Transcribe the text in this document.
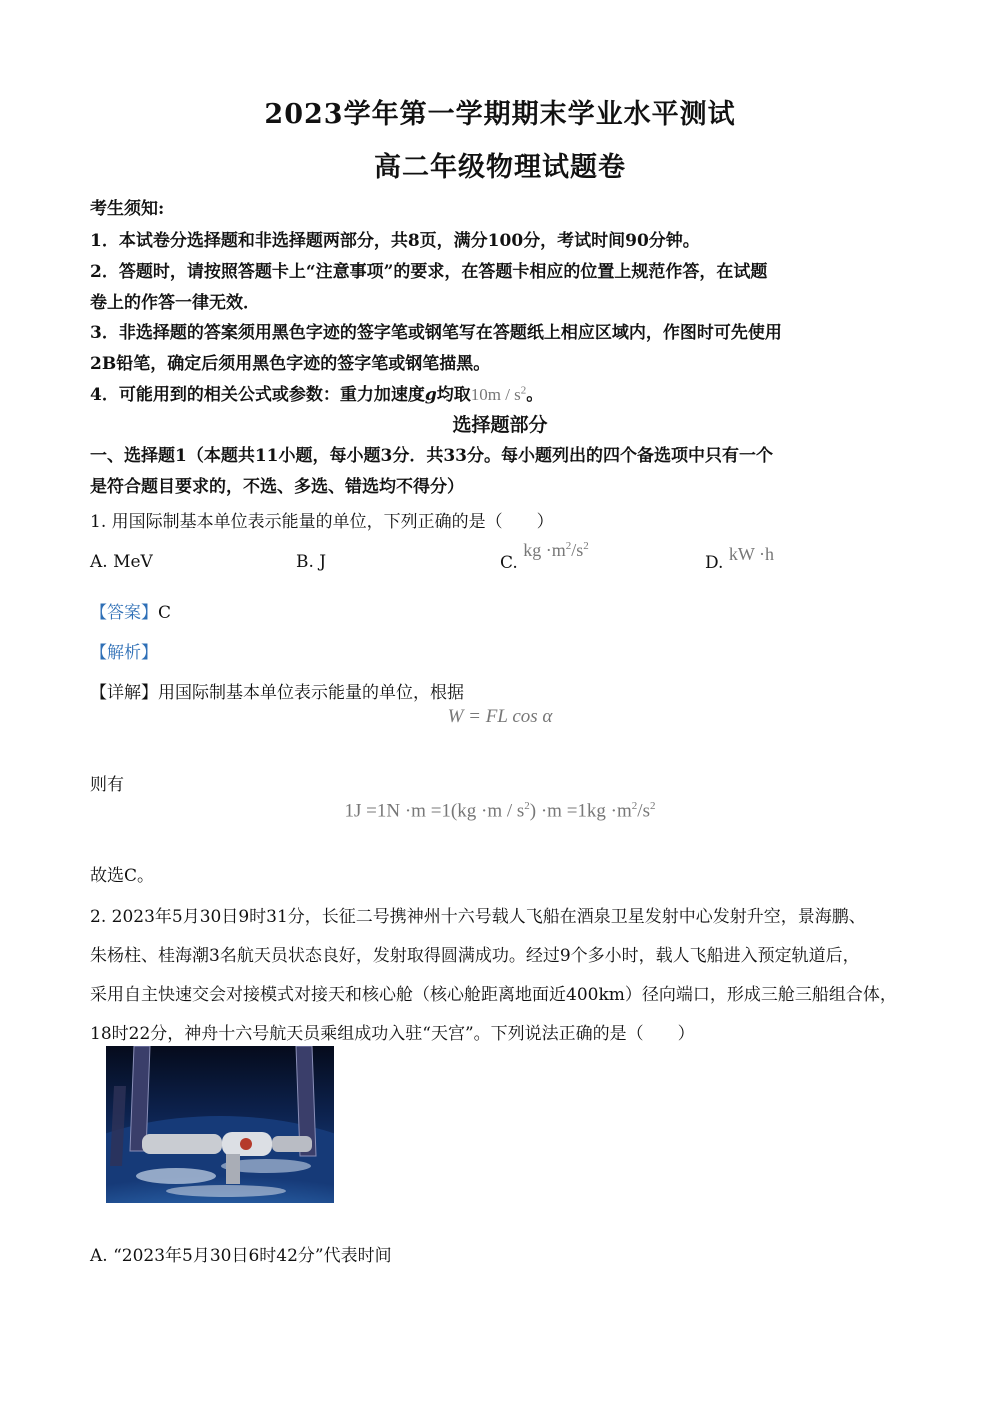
2023学年第一学期期末学业水平测试
高二年级物理试题卷
考生须知:
1．本试卷分选择题和非选择题两部分，共8页，满分100分，考试时间90分钟。
2．答题时，请按照答题卡上“注意事项”的要求，在答题卡相应的位置上规范作答，在试题
卷上的作答一律无效．
3．非选择题的答案须用黑色字迹的签字笔或钢笔写在答题纸上相应区域内，作图时可先使用
2B铅笔，确定后须用黑色字迹的签字笔或钢笔描黑。
4．可能用到的相关公式或参数：重力加速度g均取$10m / s^2$。
选择题部分
一、选择题1（本题共11小题，每小题3分．共33分。每小题列出的四个备选项中只有一个
是符合题目要求的，不选、多选、错选均不得分）
1. 用国际制基本单位表示能量的单位，下列正确的是（　　）
A. MeV	B. J	C. kg $\cdot m^2/s^2$
D. kW ·h
【答案】C
【解析】
【详解】用国际制基本单位表示能量的单位，根据
W = FL cos α
则有
$1J =1N \cdot m =1(kg \cdot m / s^2) \cdot m =1kg \cdot m^2/s^2$
故选C。
2. 2023年5月30日9时31分，长征二号携神州十六号载人飞船在酒泉卫星发射中心发射升空，景海鹏、
朱杨柱、桂海潮3名航天员状态良好，发射取得圆满成功。经过9个多小时，载人飞船进入预定轨道后，
采用自主快速交会对接模式对接天和核心舱（核心舱距离地面近400km）径向端口，形成三舱三船组合体，
18时22分，神舟十六号航天员乘组成功入驻“天宫”。下列说法正确的是（　　）
A. “2023年5月30日6时42分”代表时间
